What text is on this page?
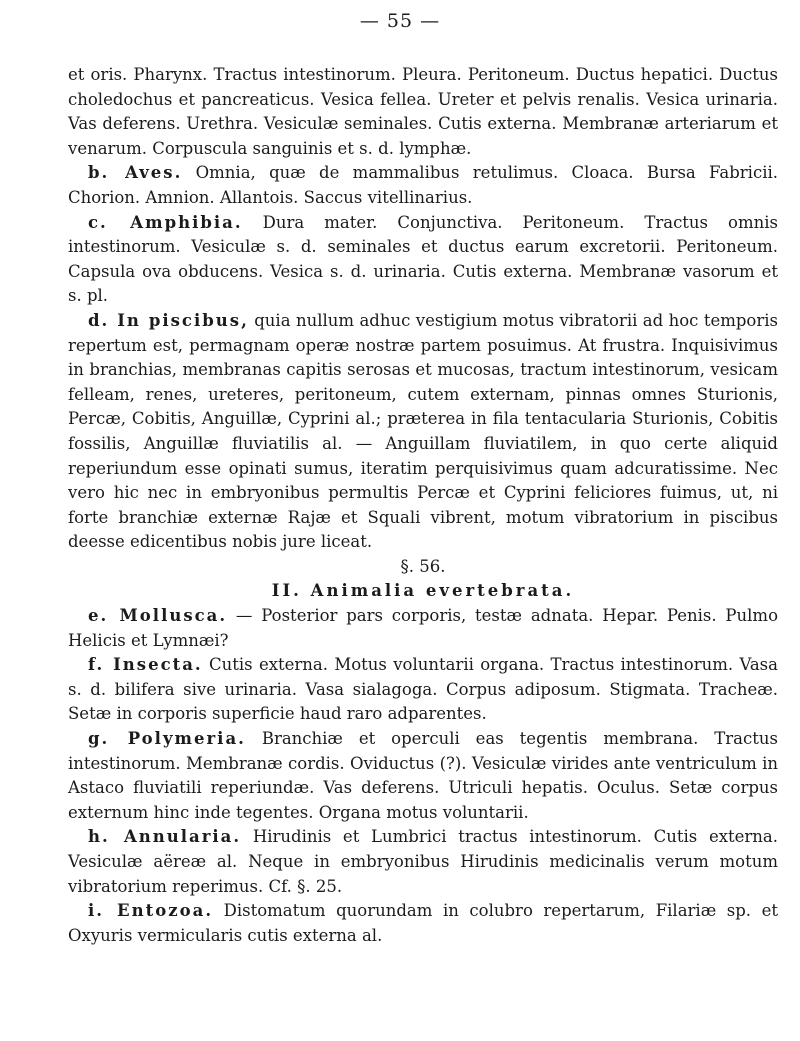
— 55 —

et oris. Pharynx. Tractus intestinorum. Pleura. Peritoneum. Ductus hepatici. Ductus choledochus et pancreaticus. Vesica fellea. Ureter et pelvis renalis. Vesica urinaria. Vas deferens. Urethra. Vesiculæ seminales. Cutis externa. Membranæ arteriarum et venarum. Corpuscula sanguinis et s. d. lymphæ.

b. Aves. Omnia, quæ de mammalibus retulimus. Cloaca. Bursa Fabricii. Chorion. Amnion. Allantois. Saccus vitellinarius.

c. Amphibia. Dura mater. Conjunctiva. Peritoneum. Tractus omnis intestinorum. Vesiculæ s. d. seminales et ductus earum excretorii. Peritoneum. Capsula ova obducens. Vesica s. d. urinaria. Cutis externa. Membranæ vasorum et s. pl.

d. In piscibus, quia nullum adhuc vestigium motus vibratorii ad hoc temporis repertum est, permagnam operæ nostræ partem posuimus. At frustra. Inquisivimus in branchias, membranas capitis serosas et mucosas, tractum intestinorum, vesicam felleam, renes, ureteres, peritoneum, cutem externam, pinnas omnes Sturionis, Percæ, Cobitis, Anguillæ, Cyprini al.; præterea in fila tentacularia Sturionis, Cobitis fossilis, Anguillæ fluviatilis al. — Anguillam fluviatilem, in quo certe aliquid reperiundum esse opinati sumus, iteratim perquisivimus quam adcuratissime. Nec vero hic nec in embryonibus permultis Percæ et Cyprini feliciores fuimus, ut, ni forte branchiæ externæ Rajæ et Squali vibrent, motum vibratorium in piscibus deesse edicentibus nobis jure liceat.

§. 56.

II. Animalia evertebrata.

e. Mollusca. — Posterior pars corporis, testæ adnata. Hepar. Penis. Pulmo Helicis et Lymnæi?

f. Insecta. Cutis externa. Motus voluntarii organa. Tractus intestinorum. Vasa s. d. bilifera sive urinaria. Vasa sialagoga. Corpus adiposum. Stigmata. Tracheæ. Setæ in corporis superficie haud raro adparentes.

g. Polymeria. Branchiæ et operculi eas tegentis membrana. Tractus intestinorum. Membranæ cordis. Oviductus (?). Vesiculæ virides ante ventriculum in Astaco fluviatili reperiundæ. Vas deferens. Utriculi hepatis. Oculus. Setæ corpus externum hinc inde tegentes. Organa motus voluntarii.

h. Annularia. Hirudinis et Lumbrici tractus intestinorum. Cutis externa. Vesiculæ aëreæ al. Neque in embryonibus Hirudinis medicinalis verum motum vibratorium reperimus. Cf. §. 25.

i. Entozoa. Distomatum quorundam in colubro repertarum, Filariæ sp. et Oxyuris vermicularis cutis externa al.
